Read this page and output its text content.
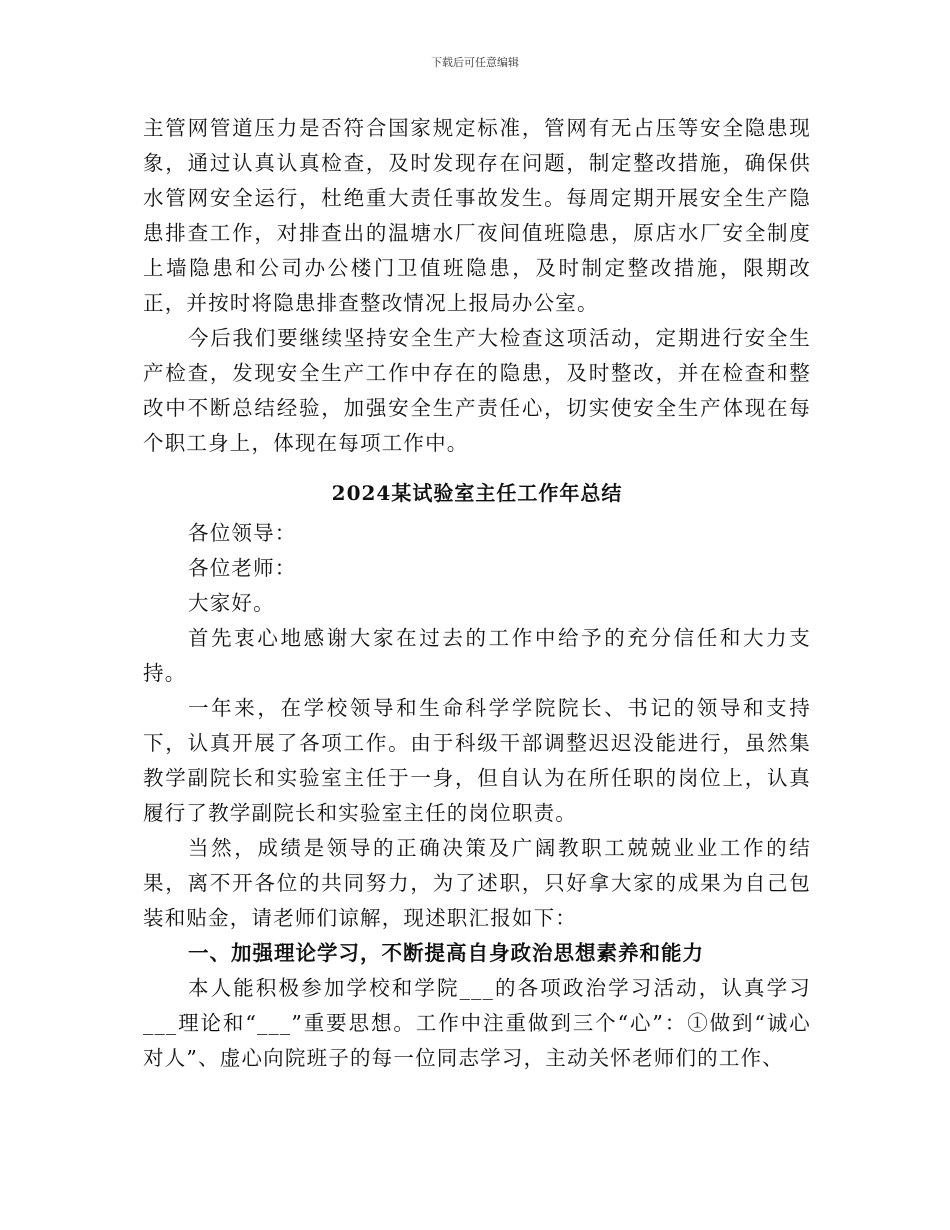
下载后可任意编辑

主管网管道压力是否符合国家规定标准，管网有无占压等安全隐患现象，通过认真认真检查，及时发现存在问题，制定整改措施，确保供水管网安全运行，杜绝重大责任事故发生。每周定期开展安全生产隐患排查工作，对排查出的温塘水厂夜间值班隐患，原店水厂安全制度上墙隐患和公司办公楼门卫值班隐患，及时制定整改措施，限期改正，并按时将隐患排查整改情况上报局办公室。

今后我们要继续坚持安全生产大检查这项活动，定期进行安全生产检查，发现安全生产工作中存在的隐患，及时整改，并在检查和整改中不断总结经验，加强安全生产责任心，切实使安全生产体现在每个职工身上，体现在每项工作中。

2024某试验室主任工作年总结

各位领导：

各位老师：

大家好。

首先衷心地感谢大家在过去的工作中给予的充分信任和大力支持。

一年来，在学校领导和生命科学学院院长、书记的领导和支持下，认真开展了各项工作。由于科级干部调整迟迟没能进行，虽然集教学副院长和实验室主任于一身，但自认为在所任职的岗位上，认真履行了教学副院长和实验室主任的岗位职责。

当然，成绩是领导的正确决策及广阔教职工兢兢业业工作的结果，离不开各位的共同努力，为了述职，只好拿大家的成果为自己包装和贴金，请老师们谅解，现述职汇报如下：

一、加强理论学习，不断提高自身政治思想素养和能力

本人能积极参加学校和学院___的各项政治学习活动，认真学习___理论和“___”重要思想。工作中注重做到三个“心”：①做到“诚心对人”、虚心向院班子的每一位同志学习，主动关怀老师们的工作、
